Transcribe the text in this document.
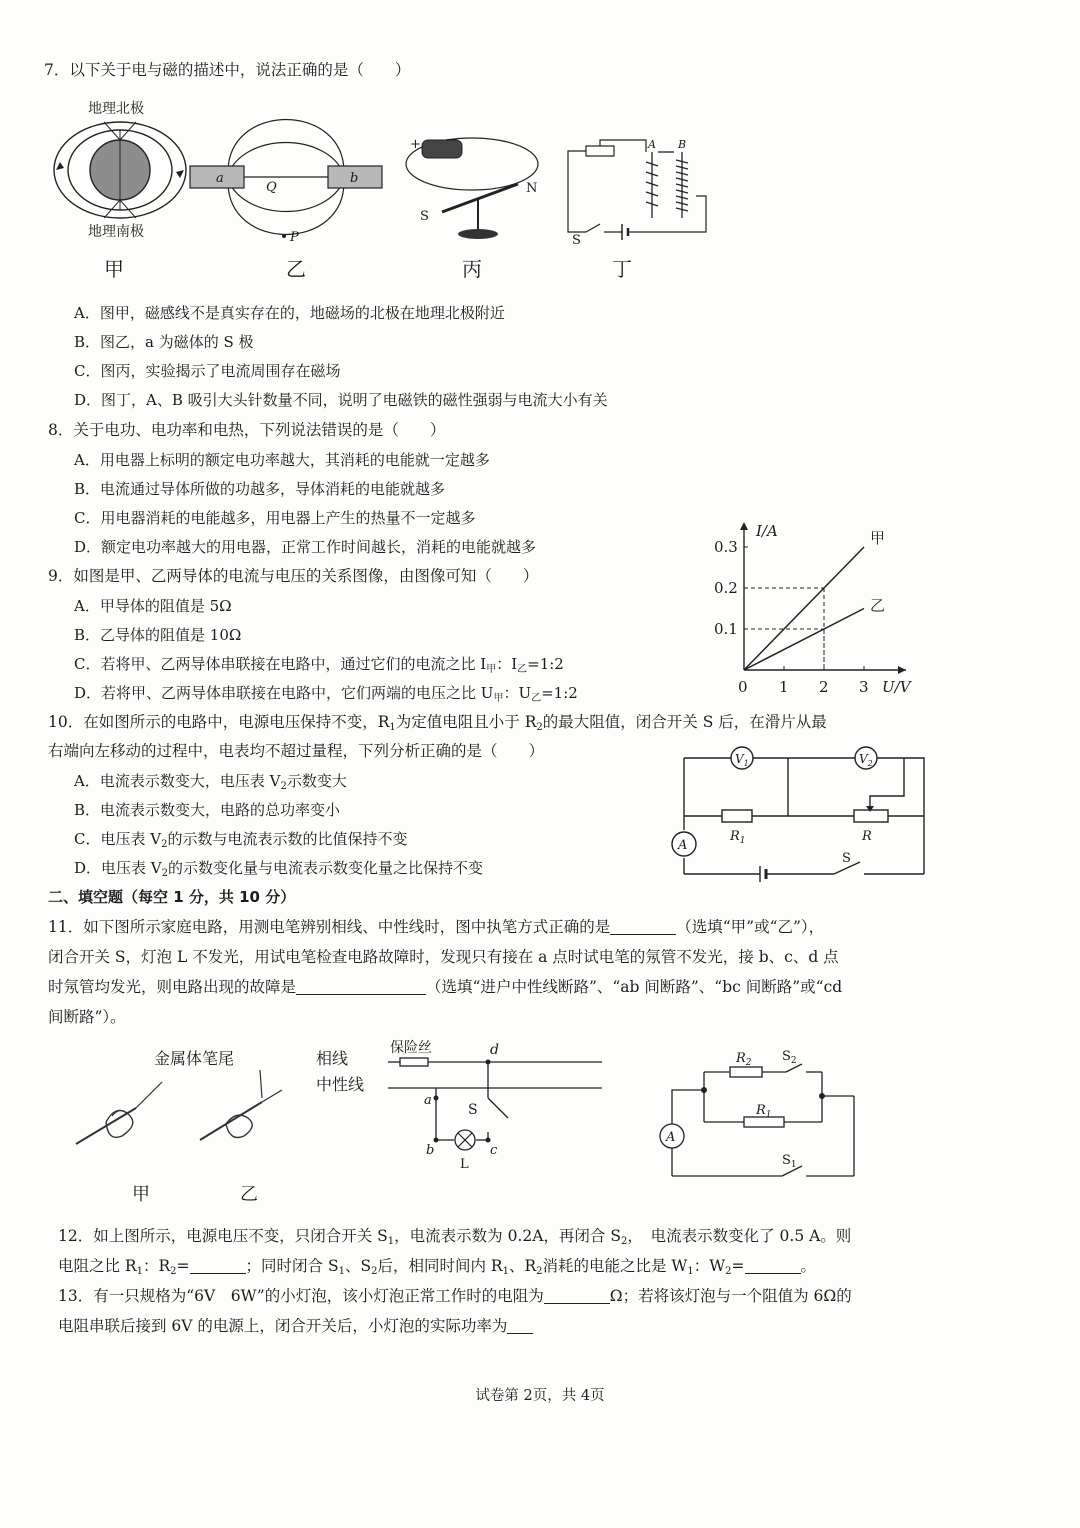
7．以下关于电与磁的描述中，说法正确的是（　　）
地理北极
地理南极
甲
a	b
Q
P
乙
+
S
N
丙
A B
S
丁
A．图甲，磁感线不是真实存在的，地磁场的北极在地理北极附近
B．图乙，a 为磁体的 S 极
C．图丙，实验揭示了电流周围存在磁场
D．图丁，A、B 吸引大头针数量不同，说明了电磁铁的磁性强弱与电流大小有关
8．关于电功、电功率和电热，下列说法错误的是（　　）
A．用电器上标明的额定电功率越大，其消耗的电能就一定越多
B．电流通过导体所做的功越多，导体消耗的电能就越多
C．用电器消耗的电能越多，用电器上产生的热量不一定越多
D．额定电功率越大的用电器，正常工作时间越长，消耗的电能就越多
9．如图是甲、乙两导体的电流与电压的关系图像，由图像可知（　　）
A．甲导体的阻值是 5Ω
B．乙导体的阻值是 10Ω
C．若将甲、乙两导体串联接在电路中，通过它们的电流之比 $I_甲$：$I_乙=1:2$
D．若将甲、乙两导体串联接在电路中，它们两端的电压之比 $U_甲$：$U_乙=1:2$
I/A
U/V
0 1 2 3
0.1
0.2
0.3	甲
乙
10．在如图所示的电路中，电源电压保持不变，$R_1$为定值电阻且小于 $R_2$的最大阻值，闭合开关 S 后，在滑片从最
右端向左移动的过程中，电表均不超过量程，下列分析正确的是（　　）
A．电流表示数变大，电压表 $V_2$示数变大
B．电流表示数变大，电路的总功率变小
C．电压表 $V_2$的示数与电流表示数的比值保持不变
D．电压表 $V_2$的示数变化量与电流表示数变化量之比保持不变
$V_1$	$V_2$
A
$R_1$	R
S
二、填空题（每空 1 分，共 10 分）
11．如下图所示家庭电路，用测电笔辨别相线、中性线时，图中执笔方式正确的是	（选填“甲”或“乙”），
闭合开关 S，灯泡 L 不发光，用试电笔检查电路故障时，发现只有接在 a 点时试电笔的氖管不发光，接 b、c、d 点
时氖管均发光，则电路出现的故障是	（选填“进户中性线断路”、“ab 间断路”、“bc 间断路”或“cd
间断路”）。
金属体笔尾
甲	乙
相线
中性线
保险丝	d
a
b	c
S
L
A
$R_2$ $S_2$
$R_1$
$S_1$
12．如上图所示，电源电压不变，只闭合开关 $S_1$，电流表示数为 0.2A，再闭合 $S_2$，　电流表示数变化了 0.5 A。则
电阻之比 $R_1$：$R_2=$	；同时闭合 $S_1$、$S_2$后，相同时间内 $R_1$、$R_2$消耗的电能之比是 $W_1$：$W_2=$	。
13．有一只规格为“6V　6W”的小灯泡，该小灯泡正常工作时的电阻为	Ω；若将该灯泡与一个阻值为 6Ω的
电阻串联后接到 6V 的电源上，闭合开关后，小灯泡的实际功率为
试卷第 2页，共 4页
